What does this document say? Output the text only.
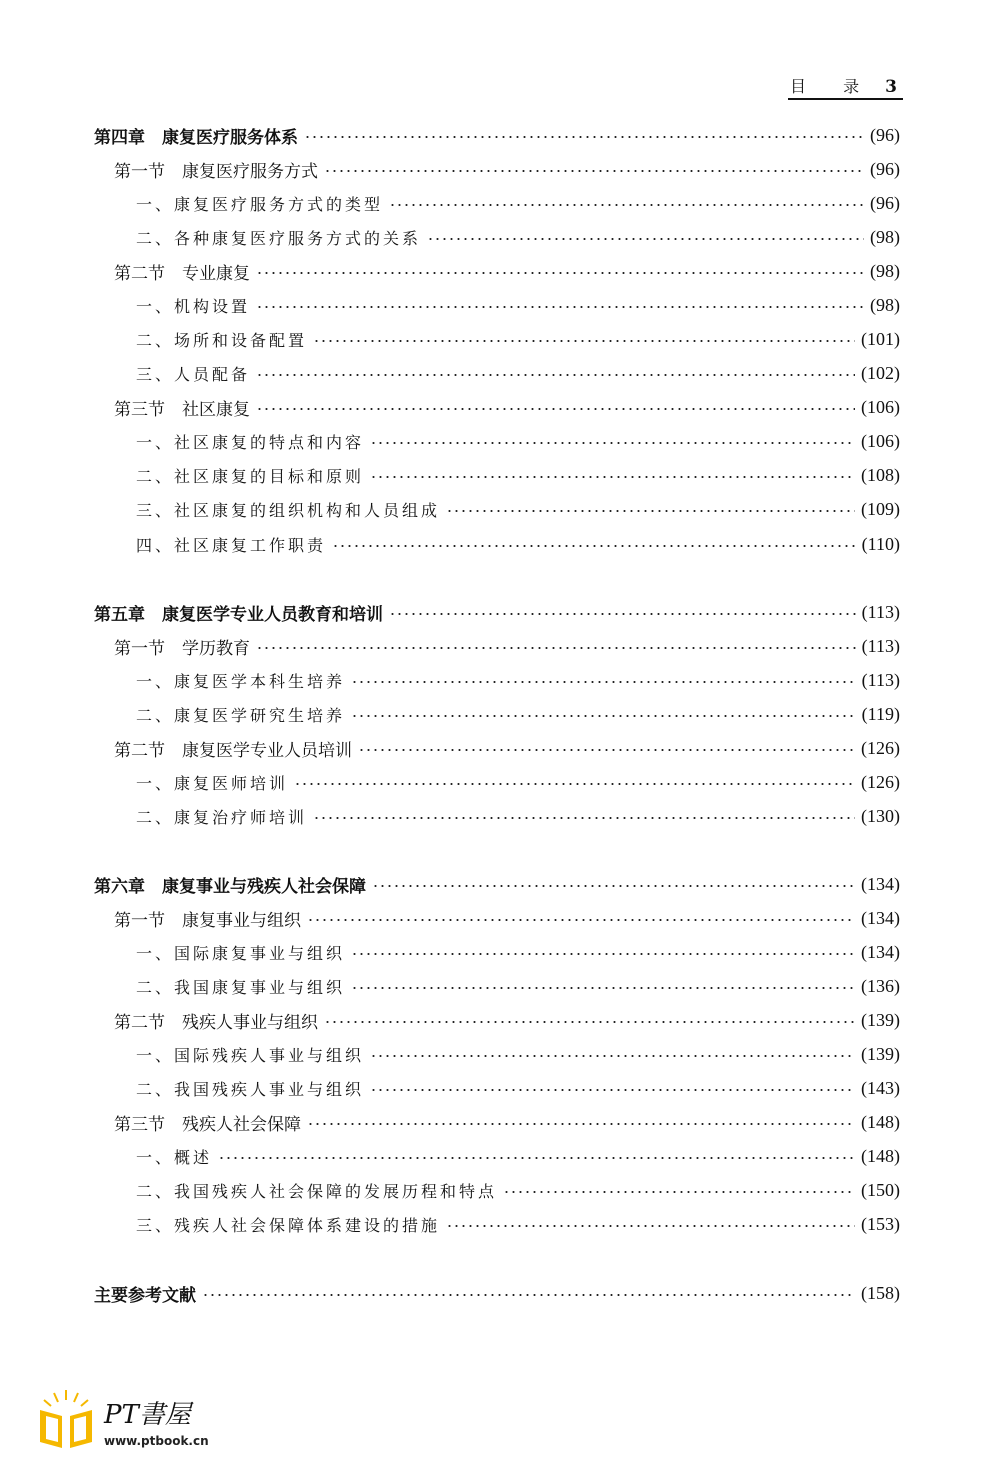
目 录 3
第四章　康复医疗服务体系	(96)
第一节　康复医疗服务方式	(96)
一、康复医疗服务方式的类型	(96)
二、各种康复医疗服务方式的关系	(98)
第二节　专业康复	(98)
一、机构设置	(98)
二、场所和设备配置	(101)
三、人员配备	(102)
第三节　社区康复	(106)
一、社区康复的特点和内容	(106)
二、社区康复的目标和原则	(108)
三、社区康复的组织机构和人员组成	(109)
四、社区康复工作职责	(110)
第五章　康复医学专业人员教育和培训	(113)
第一节　学历教育	(113)
一、康复医学本科生培养	(113)
二、康复医学研究生培养	(119)
第二节　康复医学专业人员培训	(126)
一、康复医师培训	(126)
二、康复治疗师培训	(130)
第六章　康复事业与残疾人社会保障	(134)
第一节　康复事业与组织	(134)
一、国际康复事业与组织	(134)
二、我国康复事业与组织	(136)
第二节　残疾人事业与组织	(139)
一、国际残疾人事业与组织	(139)
二、我国残疾人事业与组织	(143)
第三节　残疾人社会保障	(148)
一、概述	(148)
二、我国残疾人社会保障的发展历程和特点	(150)
三、残疾人社会保障体系建设的措施	(153)
主要参考文献	(158)
PT書屋
www.ptbook.cn
